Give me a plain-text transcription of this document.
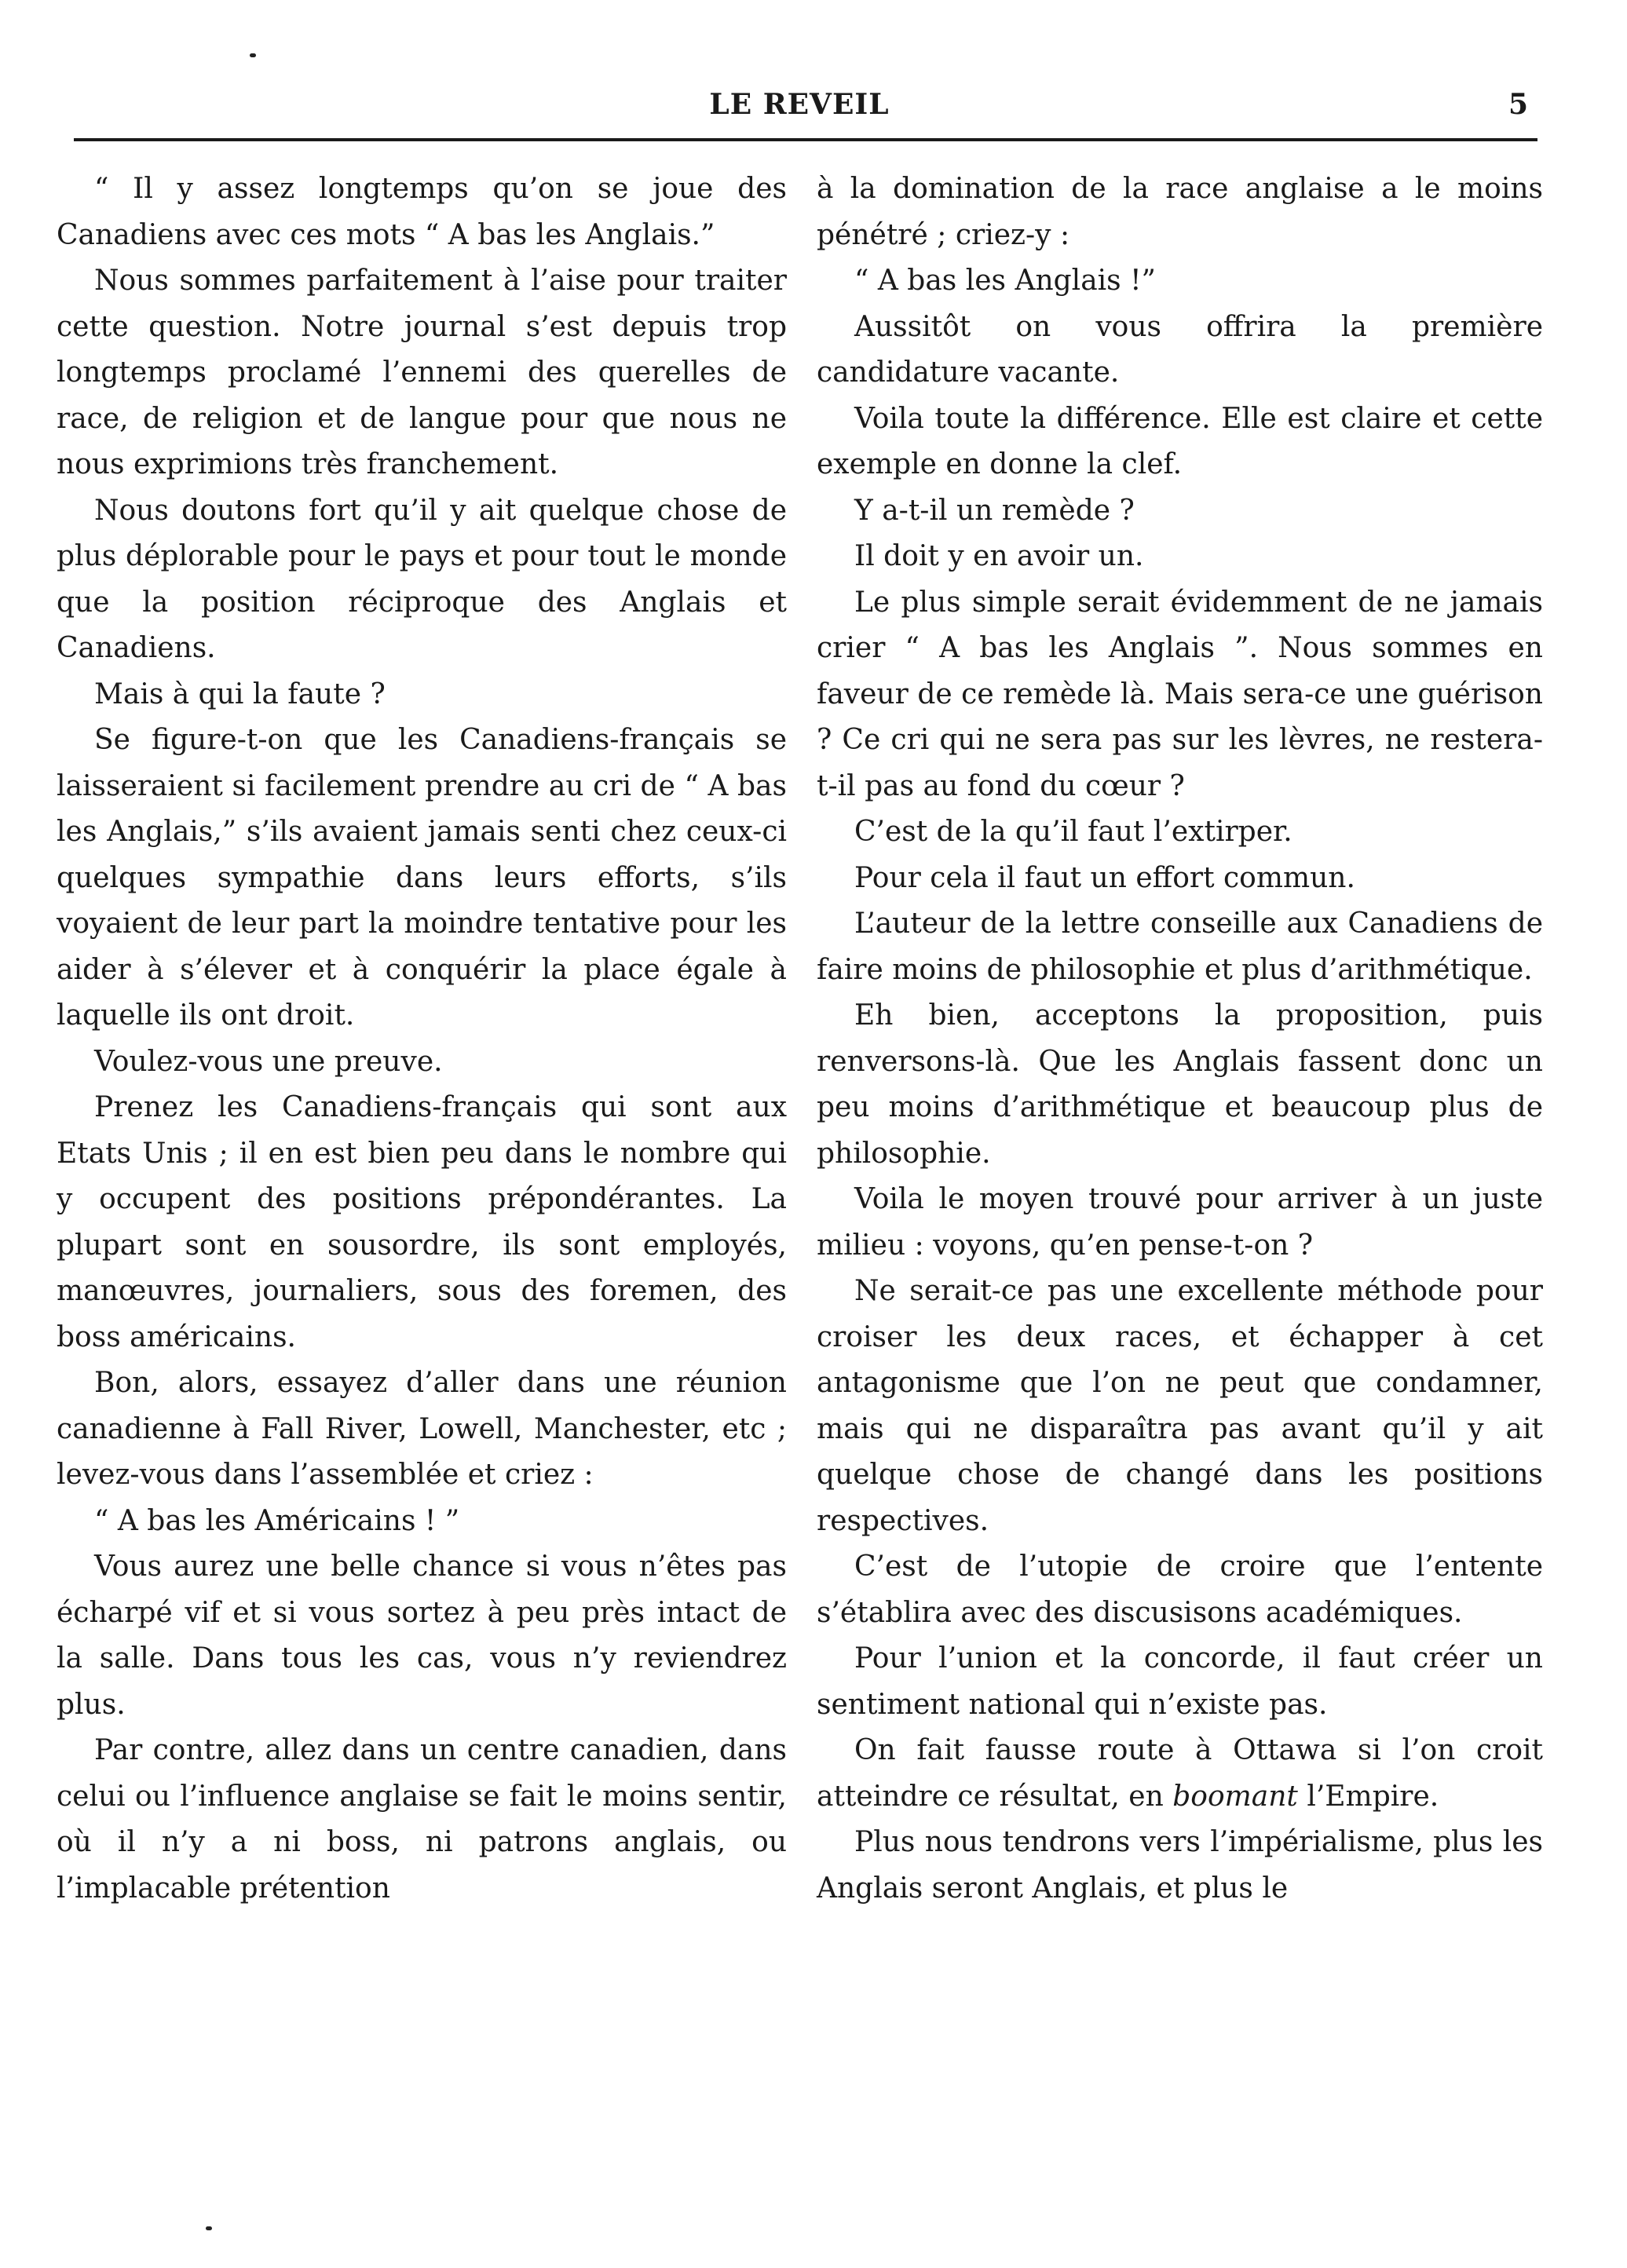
LE REVEIL	5

“ Il y assez longtemps qu’on se joue des Canadiens avec ces mots “ A bas les Anglais.”

Nous sommes parfaitement à l’aise pour traiter cette question. Notre journal s’est depuis trop longtemps proclamé l’ennemi des querelles de race, de religion et de langue pour que nous ne nous exprimions très franchement.

Nous doutons fort qu’il y ait quelque chose de plus déplorable pour le pays et pour tout le monde que la position réciproque des Anglais et Canadiens.

Mais à qui la faute ?

Se figure-t-on que les Canadiens-français se laisseraient si facilement prendre au cri de “ A bas les Anglais,” s’ils avaient jamais senti chez ceux-ci quelques sympathie dans leurs efforts, s’ils voyaient de leur part la moindre tentative pour les aider à s’élever et à conquérir la place égale à laquelle ils ont droit.

Voulez-vous une preuve.

Prenez les Canadiens-français qui sont aux Etats Unis ; il en est bien peu dans le nombre qui y occupent des positions prépondérantes. La plupart sont en sousordre, ils sont employés, manœuvres, journaliers, sous des foremen, des boss américains.

Bon, alors, essayez d’aller dans une réunion canadienne à Fall River, Lowell, Manchester, etc ; levez-vous dans l’assemblée et criez :

“ A bas les Américains ! ”

Vous aurez une belle chance si vous n’êtes pas écharpé vif et si vous sortez à peu près intact de la salle. Dans tous les cas, vous n’y reviendrez plus.

Par contre, allez dans un centre canadien, dans celui ou l’influence anglaise se fait le moins sentir, où il n’y a ni boss, ni patrons anglais, ou l’implacable prétention

à la domination de la race anglaise a le moins pénétré ; criez-y :

“ A bas les Anglais !”

Aussitôt on vous offrira la première candidature vacante.

Voila toute la différence. Elle est claire et cette exemple en donne la clef.

Y a-t-il un remède ?

Il doit y en avoir un.

Le plus simple serait évidemment de ne jamais crier “ A bas les Anglais ”. Nous sommes en faveur de ce remède là. Mais sera-ce une guérison ? Ce cri qui ne sera pas sur les lèvres, ne restera-t-il pas au fond du cœur ?

C’est de la qu’il faut l’extirper.

Pour cela il faut un effort commun.

L’auteur de la lettre conseille aux Canadiens de faire moins de philosophie et plus d’arithmétique.

Eh bien, acceptons la proposition, puis renversons-là. Que les Anglais fassent donc un peu moins d’arithmétique et beaucoup plus de philosophie.

Voila le moyen trouvé pour arriver à un juste milieu : voyons, qu’en pense-t-on ?

Ne serait-ce pas une excellente méthode pour croiser les deux races, et échapper à cet antagonisme que l’on ne peut que condamner, mais qui ne disparaîtra pas avant qu’il y ait quelque chose de changé dans les positions respectives.

C’est de l’utopie de croire que l’entente s’établira avec des discusisons académiques.

Pour l’union et la concorde, il faut créer un sentiment national qui n’existe pas.

On fait fausse route à Ottawa si l’on croit atteindre ce résultat, en boomant l’Empire.

Plus nous tendrons vers l’impérialisme, plus les Anglais seront Anglais, et plus le
